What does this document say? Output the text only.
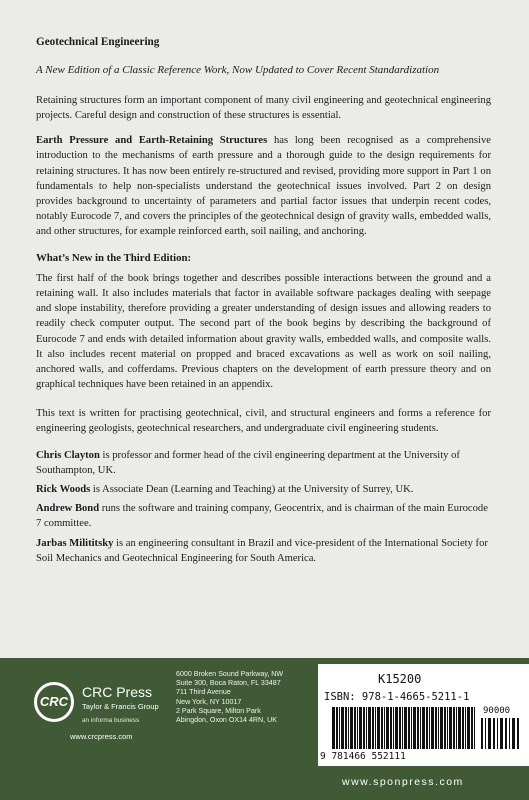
Geotechnical Engineering

A New Edition of a Classic Reference Work, Now Updated to Cover Recent Standardization

Retaining structures form an important component of many civil engineering and geotechnical engineering projects. Careful design and construction of these structures is essential.

Earth Pressure and Earth-Retaining Structures has long been recognised as a comprehensive introduction to the mechanisms of earth pressure and a thorough guide to the design requirements for retaining structures. It has now been entirely re-structured and revised, providing more support in Part 1 on fundamentals to help non-specialists understand the geotechnical issues involved. Part 2 on design provides background to uncertainty of parameters and partial factor issues that underpin recent codes, notably Eurocode 7, and covers the principles of the geotechnical design of gravity walls, embedded walls, and other structures, for example reinforced earth, soil nailing, and anchoring.

What’s New in the Third Edition:

The first half of the book brings together and describes possible interactions between the ground and a retaining wall. It also includes materials that factor in available software packages dealing with seepage and slope instability, therefore providing a greater understanding of design issues and allowing readers to readily check computer output. The second part of the book begins by describing the background of Eurocode 7 and ends with detailed information about gravity walls, embedded walls, and composite walls. It also includes recent material on propped and braced excavations as well as work on soil nailing, anchored walls, and cofferdams. Previous chapters on the development of earth pressure theory and on graphical techniques have been retained in an appendix.

This text is written for practising geotechnical, civil, and structural engineers and forms a reference for engineering geologists, geotechnical researchers, and undergraduate civil engineering students.

Chris Clayton is professor and former head of the civil engineering department at the University of Southampton, UK.

Rick Woods is Associate Dean (Learning and Teaching) at the University of Surrey, UK.

Andrew Bond runs the software and training company, Geocentrix, and is chairman of the main Eurocode 7 committee.

Jarbas Milititsky is an engineering consultant in Brazil and vice-president of the International Society for Soil Mechanics and Geotechnical Engineering for South America.

CRC
CRC Press
Taylor & Francis Group
an informa business
www.crcpress.com
6000 Broken Sound Parkway, NW
Suite 300, Boca Raton, FL 33487
711 Third Avenue
New York, NY 10017
2 Park Square, Milton Park
Abingdon, Oxon OX14 4RN, UK
K15200
ISBN: 978-1-4665-5211-1
90000
9 781466 552111
www.sponpress.com
